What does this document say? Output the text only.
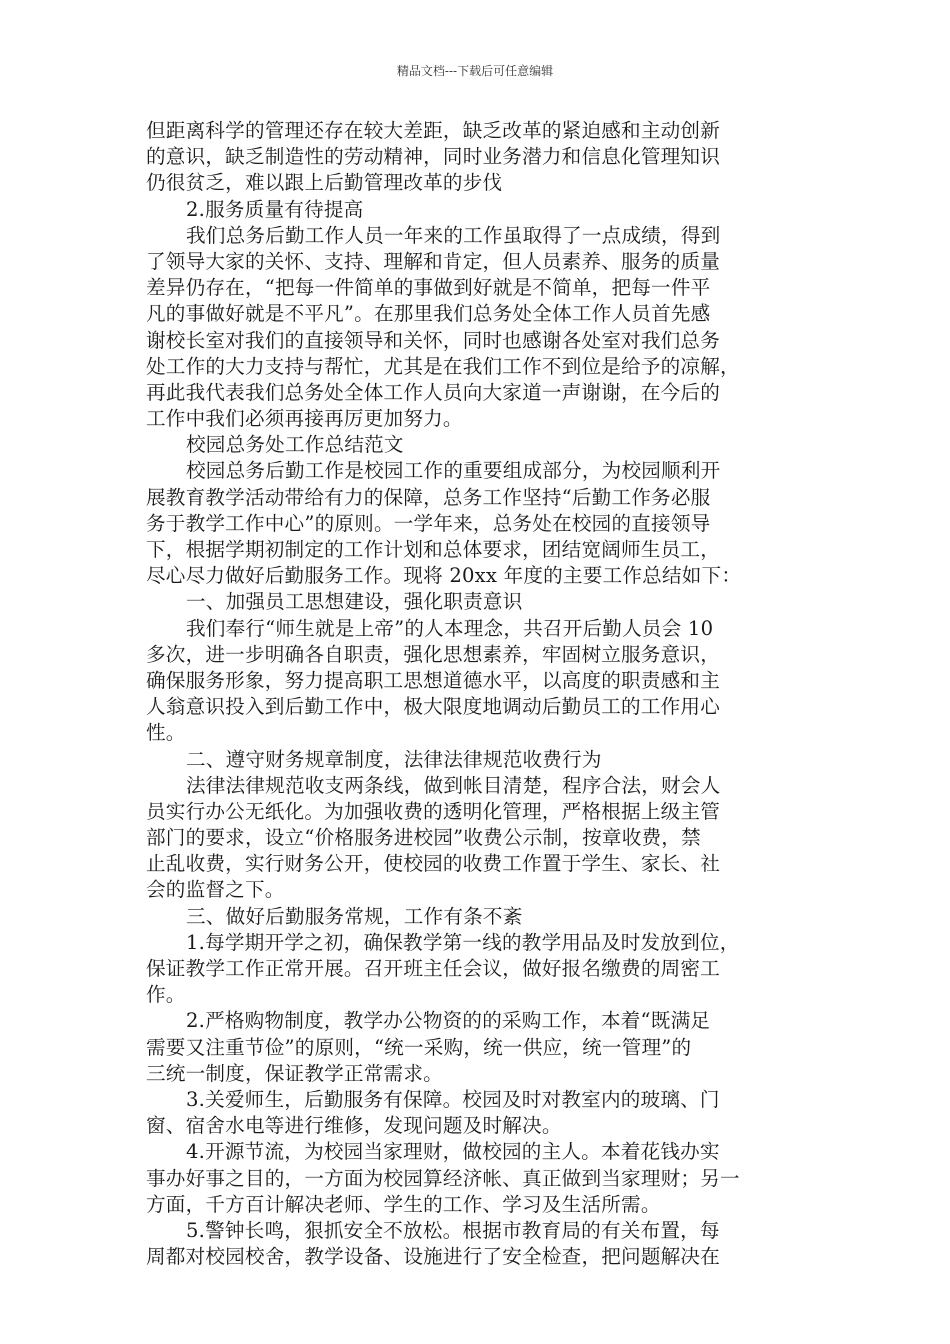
精品文档---下载后可任意编辑
但距离科学的管理还存在较大差距，缺乏改革的紧迫感和主动创新
的意识，缺乏制造性的劳动精神，同时业务潜力和信息化管理知识
仍很贫乏，难以跟上后勤管理改革的步伐
2.服务质量有待提高
我们总务后勤工作人员一年来的工作虽取得了一点成绩，得到
了领导大家的关怀、支持、理解和肯定，但人员素养、服务的质量
差异仍存在，“把每一件简单的事做到好就是不简单，把每一件平
凡的事做好就是不平凡”。在那里我们总务处全体工作人员首先感
谢校长室对我们的直接领导和关怀，同时也感谢各处室对我们总务
处工作的大力支持与帮忙，尤其是在我们工作不到位是给予的凉解，
再此我代表我们总务处全体工作人员向大家道一声谢谢，在今后的
工作中我们必须再接再厉更加努力。
校园总务处工作总结范文
校园总务后勤工作是校园工作的重要组成部分，为校园顺利开
展教育教学活动带给有力的保障，总务工作坚持“后勤工作务必服
务于教学工作中心”的原则。一学年来，总务处在校园的直接领导
下，根据学期初制定的工作计划和总体要求，团结宽阔师生员工，
尽心尽力做好后勤服务工作。现将 20xx 年度的主要工作总结如下：
一、加强员工思想建设，强化职责意识
我们奉行“师生就是上帝”的人本理念，共召开后勤人员会 10
多次，进一步明确各自职责，强化思想素养，牢固树立服务意识，
确保服务形象，努力提高职工思想道德水平，以高度的职责感和主
人翁意识投入到后勤工作中，极大限度地调动后勤员工的工作用心
性。
二、遵守财务规章制度，法律法律规范收费行为
法律法律规范收支两条线，做到帐目清楚，程序合法，财会人
员实行办公无纸化。为加强收费的透明化管理，严格根据上级主管
部门的要求，设立“价格服务进校园”收费公示制，按章收费，禁
止乱收费，实行财务公开，使校园的收费工作置于学生、家长、社
会的监督之下。
三、做好后勤服务常规，工作有条不紊
1.每学期开学之初，确保教学第一线的教学用品及时发放到位，
保证教学工作正常开展。召开班主任会议，做好报名缴费的周密工
作。
2.严格购物制度，教学办公物资的的采购工作，本着“既满足
需要又注重节俭”的原则，“统一采购，统一供应，统一管理”的
三统一制度，保证教学正常需求。
3.关爱师生，后勤服务有保障。校园及时对教室内的玻璃、门
窗、宿舍水电等进行维修，发现问题及时解决。
4.开源节流，为校园当家理财，做校园的主人。本着花钱办实
事办好事之目的，一方面为校园算经济帐、真正做到当家理财；另一
方面，千方百计解决老师、学生的工作、学习及生活所需。
5.警钟长鸣，狠抓安全不放松。根据市教育局的有关布置，每
周都对校园校舍，教学设备、设施进行了安全检查，把问题解决在
